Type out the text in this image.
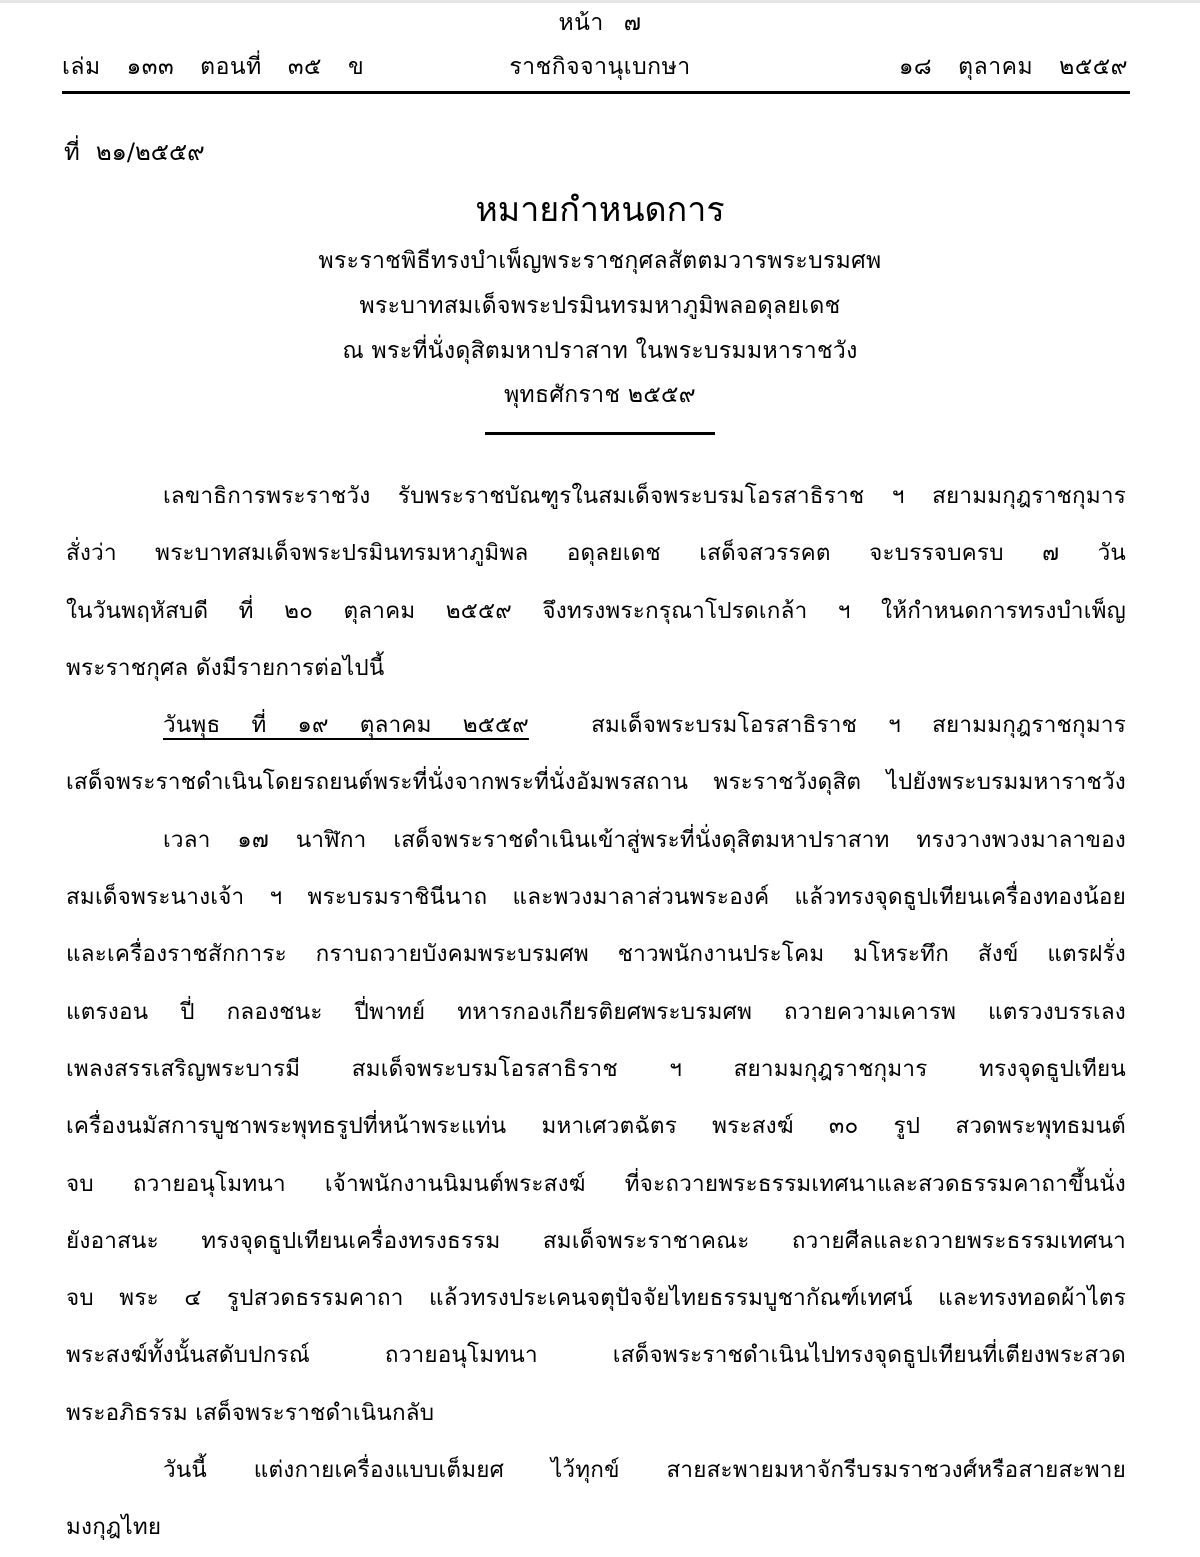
หน้า ๗
เล่ม ๑๓๓ ตอนที่ ๓๕ ข	ราชกิจจานุเบกษา	๑๘ ตุลาคม ๒๕๕๙
ที่ ๒๑/๒๕๕๙
หมายกำหนดการ
พระราชพิธีทรงบำเพ็ญพระราชกุศลสัตตมวารพระบรมศพ
พระบาทสมเด็จพระปรมินทรมหาภูมิพลอดุลยเดช
ณ พระที่นั่งดุสิตมหาปราสาท ในพระบรมมหาราชวัง
พุทธศักราช ๒๕๕๙
เลขาธิการพระราชวัง รับพระราชบัณฑูรในสมเด็จพระบรมโอรสาธิราช ฯ สยามมกุฎราชกุมาร
สั่งว่า พระบาทสมเด็จพระปรมินทรมหาภูมิพล อดุลยเดช เสด็จสวรรคต จะบรรจบครบ ๗ วัน
ในวันพฤหัสบดี ที่ ๒๐ ตุลาคม ๒๕๕๙ จึงทรงพระกรุณาโปรดเกล้า ฯ ให้กำหนดการทรงบำเพ็ญ
พระราชกุศล ดังมีรายการต่อไปนี้
วันพุธ ที่ ๑๙ ตุลาคม ๒๕๕๙	สมเด็จพระบรมโอรสาธิราช ฯ สยามมกุฎราชกุมาร
เสด็จพระราชดำเนินโดยรถยนต์พระที่นั่งจากพระที่นั่งอัมพรสถาน พระราชวังดุสิต ไปยังพระบรมมหาราชวัง
เวลา ๑๗ นาฬิกา เสด็จพระราชดำเนินเข้าสู่พระที่นั่งดุสิตมหาปราสาท ทรงวางพวงมาลาของ
สมเด็จพระนางเจ้า ฯ พระบรมราชินีนาถ และพวงมาลาส่วนพระองค์ แล้วทรงจุดธูปเทียนเครื่องทองน้อย
และเครื่องราชสักการะ กราบถวายบังคมพระบรมศพ ชาวพนักงานประโคม มโหระทึก สังข์ แตรฝรั่ง
แตรงอน ปี่ กลองชนะ ปี่พาทย์ ทหารกองเกียรติยศพระบรมศพ ถวายความเคารพ แตรวงบรรเลง
เพลงสรรเสริญพระบารมี สมเด็จพระบรมโอรสาธิราช ฯ สยามมกุฎราชกุมาร ทรงจุดธูปเทียน
เครื่องนมัสการบูชาพระพุทธรูปที่หน้าพระแท่น มหาเศวตฉัตร พระสงฆ์ ๓๐ รูป สวดพระพุทธมนต์
จบ ถวายอนุโมทนา เจ้าพนักงานนิมนต์พระสงฆ์ ที่จะถวายพระธรรมเทศนาและสวดธรรมคาถาขึ้นนั่ง
ยังอาสนะ ทรงจุดธูปเทียนเครื่องทรงธรรม สมเด็จพระราชาคณะ ถวายศีลและถวายพระธรรมเทศนา
จบ พระ ๔ รูปสวดธรรมคาถา แล้วทรงประเคนจตุปัจจัยไทยธรรมบูชากัณฑ์เทศน์ และทรงทอดผ้าไตร
พระสงฆ์ทั้งนั้นสดับปกรณ์ ถวายอนุโมทนา เสด็จพระราชดำเนินไปทรงจุดธูปเทียนที่เตียงพระสวด
พระอภิธรรม เสด็จพระราชดำเนินกลับ
วันนี้ แต่งกายเครื่องแบบเต็มยศ ไว้ทุกข์ สายสะพายมหาจักรีบรมราชวงศ์หรือสายสะพาย
มงกุฎไทย
